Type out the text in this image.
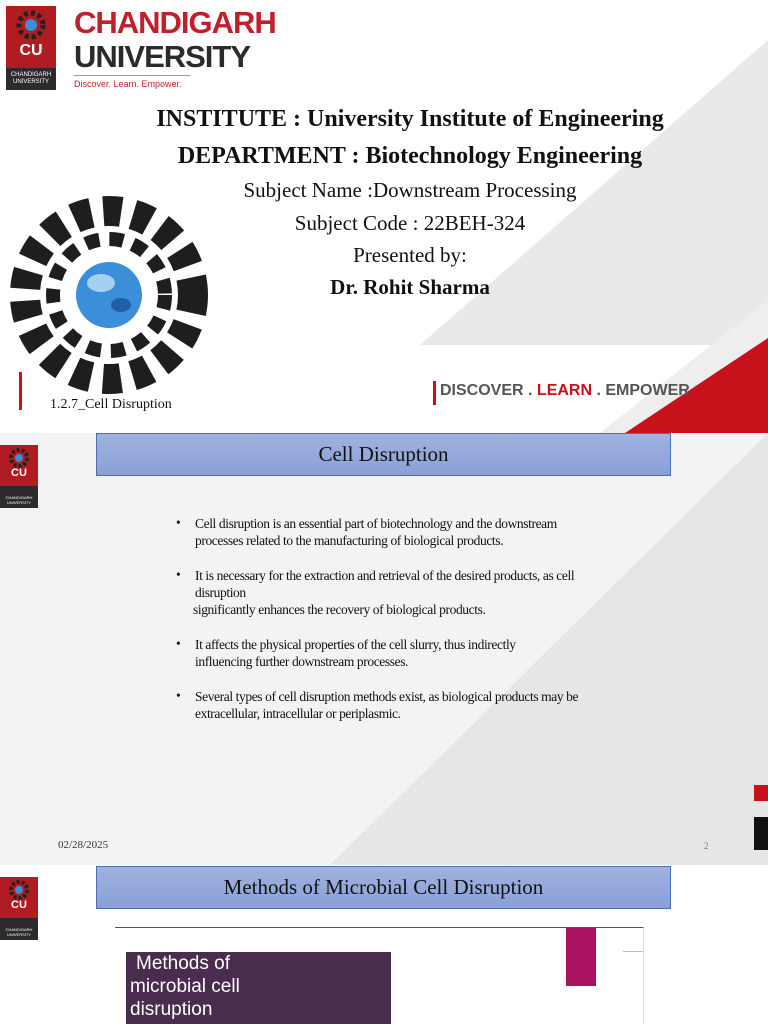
CU
CHANDIGARH
UNIVERSITY
CHANDIGARH
UNIVERSITY
Discover. Learn. Empower.
INSTITUTE : University Institute of Engineering
DEPARTMENT : Biotechnology Engineering
Subject Name :Downstream Processing
Subject Code : 22BEH-324
Presented by:
Dr. Rohit Sharma
1.2.7_Cell Disruption
DISCOVER . LEARN . EMPOWER
CU
CHANDIGARH
UNIVERSITY
Cell Disruption
• Cell disruption is an essential part of biotechnology and the downstream
processes related to the manufacturing of biological products.
• It is necessary for the extraction and retrieval of the desired products, as cell
disruption
significantly enhances the recovery of biological products.
• It affects the physical properties of the cell slurry, thus indirectly
influencing further downstream processes.
• Several types of cell disruption methods exist, as biological products may be
extracellular, intracellular or periplasmic.
02/28/2025	2
CU
CHANDIGARH
UNIVERSITY
Methods of Microbial Cell Disruption
Methods of
microbial cell
disruption
